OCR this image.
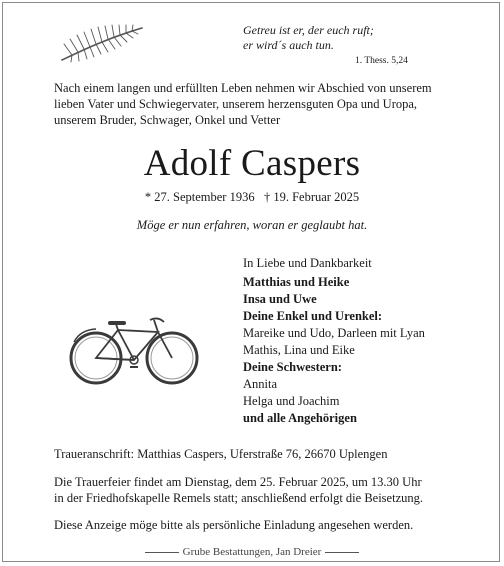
Getreu ist er, der euch ruft;
er wird´s auch tun.
1. Thess. 5,24
Nach einem langen und erfüllten Leben nehmen wir Abschied von unserem
lieben Vater und Schwiegervater, unserem herzensguten Opa und Uropa,
unserem Bruder, Schwager, Onkel und Vetter
Adolf Caspers
* 27. September 1936   † 19. Februar 2025
Möge er nun erfahren, woran er geglaubt hat.
In Liebe und Dankbarkeit
Matthias und Heike
Insa und Uwe
Deine Enkel und Urenkel:
Mareike und Udo, Darleen mit Lyan
Mathis, Lina und Eike
Deine Schwestern:
Annita
Helga und Joachim
und alle Angehörigen
Traueranschrift: Matthias Caspers, Uferstraße 76, 26670 Uplengen
Die Trauerfeier findet am Dienstag, dem 25. Februar 2025, um 13.30 Uhr
in der Friedhofskapelle Remels statt; anschließend erfolgt die Beisetzung.
Diese Anzeige möge bitte als persönliche Einladung angesehen werden.
Grube Bestattungen, Jan Dreier
